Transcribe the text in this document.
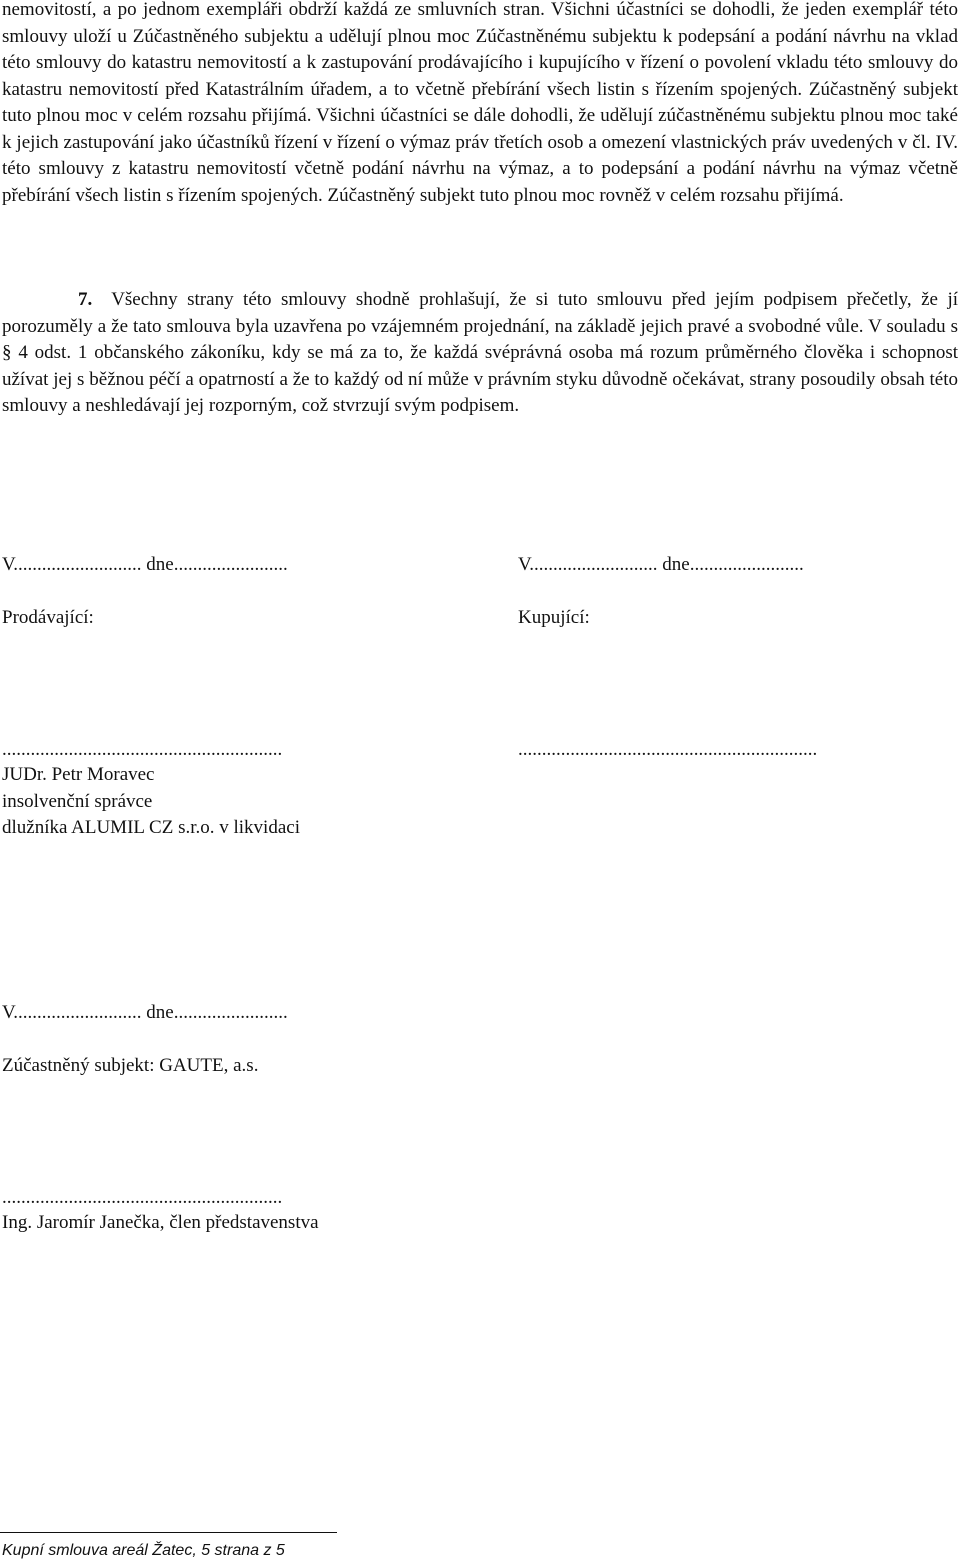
nemovitostí, a po jednom exempláři obdrží každá ze smluvních stran. Všichni účastníci se dohodli, že jeden exemplář této smlouvy uloží u Zúčastněného subjektu a udělují plnou moc Zúčastněnému subjektu k podepsání a podání návrhu na vklad této smlouvy do katastru nemovitostí a k zastupování prodávajícího i kupujícího v řízení o povolení vkladu této smlouvy do katastru nemovitostí před Katastrálním úřadem, a to včetně přebírání všech listin s řízením spojených. Zúčastněný subjekt tuto plnou moc v celém rozsahu přijímá. Všichni účastníci se dále dohodli, že udělují zúčastněnému subjektu plnou moc také k jejich zastupování jako účastníků řízení v řízení o výmaz práv třetích osob a omezení vlastnických práv uvedených v čl. IV. této smlouvy z katastru nemovitostí včetně podání návrhu na výmaz, a to podepsání a podání návrhu na výmaz včetně přebírání všech listin s řízením spojených. Zúčastněný subjekt tuto plnou moc rovněž v celém rozsahu přijímá.

7. Všechny strany této smlouvy shodně prohlašují, že si tuto smlouvu před jejím podpisem přečetly, že jí porozuměly a že tato smlouva byla uzavřena po vzájemném projednání, na základě jejich pravé a svobodné vůle. V souladu s § 4 odst. 1 občanského zákoníku, kdy se má za to, že každá svéprávná osoba má rozum průměrného člověka i schopnost užívat jej s běžnou péčí a opatrností a že to každý od ní může v právním styku důvodně očekávat, strany posoudily obsah této smlouvy a neshledávají jej rozporným, což stvrzují svým podpisem.

V........................... dne........................
Prodávající:
...........................................................
JUDr. Petr Moravec
insolvenční správce
dlužníka ALUMIL CZ s.r.o. v likvidaci
V........................... dne........................
Kupující:
...............................................................
V........................... dne........................
Zúčastněný subjekt: GAUTE, a.s.
...........................................................
Ing. Jaromír Janečka, člen představenstva
Kupní smlouva areál Žatec, 5 strana z 5
